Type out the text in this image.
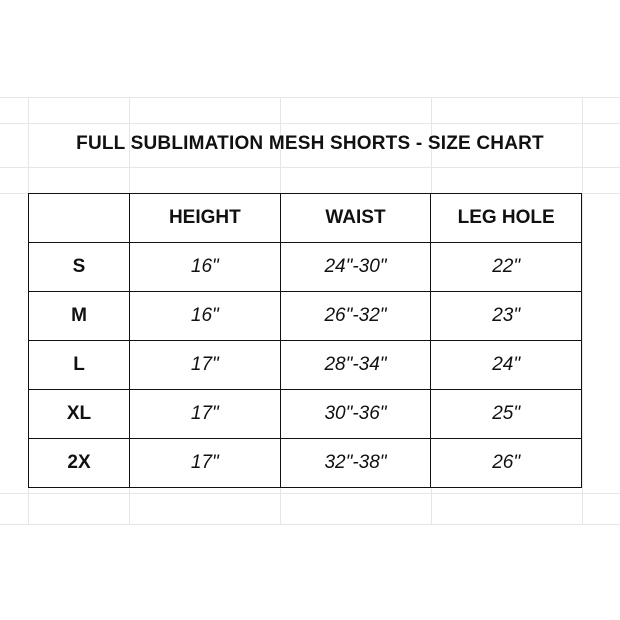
FULL SUBLIMATION MESH SHORTS - SIZE CHART
	HEIGHT	WAIST	LEG HOLE
S	16"	24"-30"	22"
M	16"	26"-32"	23"
L	17"	28"-34"	24"
XL	17"	30"-36"	25"
2X	17"	32"-38"	26"
